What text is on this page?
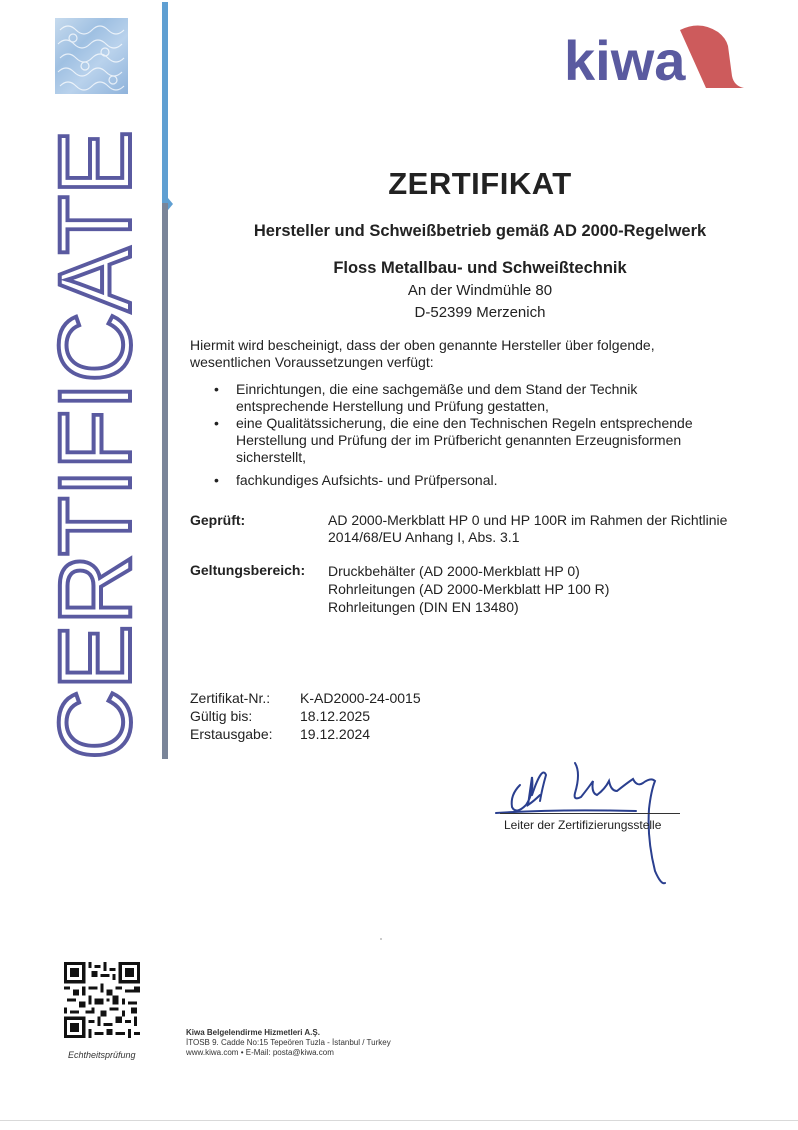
CERTIFICATE
kiwa
ZERTIFIKAT
Hersteller und Schweißbetrieb gemäß AD 2000-Regelwerk
Floss Metallbau- und Schweißtechnik
An der Windmühle 80
D-52399 Merzenich
Hiermit wird bescheinigt, dass der oben genannte Hersteller über folgende,
wesentlichen Voraussetzungen verfügt:
• Einrichtungen, die eine sachgemäße und dem Stand der Technik
entsprechende Herstellung und Prüfung gestatten,
• eine Qualitätssicherung, die eine den Technischen Regeln entsprechende
Herstellung und Prüfung der im Prüfbericht genannten Erzeugnisformen
sicherstellt,
• fachkundiges Aufsichts- und Prüfpersonal.
Geprüft:	AD 2000-Merkblatt HP 0 und HP 100R im Rahmen der Richtlinie
2014/68/EU Anhang I, Abs. 3.1
Geltungsbereich: Druckbehälter (AD 2000-Merkblatt HP 0)
Rohrleitungen (AD 2000-Merkblatt HP 100 R)
Rohrleitungen (DIN EN 13480)
Zertifikat-Nr.: K-AD2000-24-0015
Gültig bis:	18.12.2025
Erstausgabe: 19.12.2024
Leiter der Zertifizierungsstelle
Echtheitsprüfung
Kiwa Belgelendirme Hizmetleri A.Ş.
İTOSB 9. Cadde No:15 Tepeören Tuzla - İstanbul / Turkey
www.kiwa.com • E-Mail: posta@kiwa.com
